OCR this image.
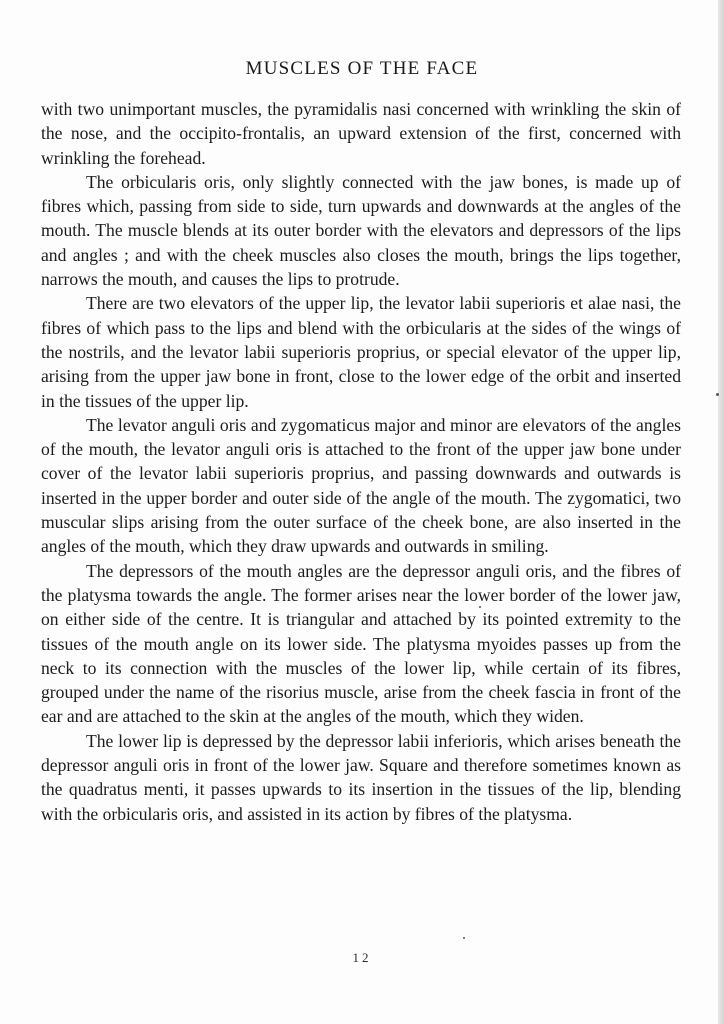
MUSCLES OF THE FACE

with two unimportant muscles, the pyramidalis nasi concerned with wrinkling the skin of the nose, and the occipito-frontalis, an upward extension of the first, concerned with wrinkling the forehead.

The orbicularis oris, only slightly connected with the jaw bones, is made up of fibres which, passing from side to side, turn upwards and downwards at the angles of the mouth. The muscle blends at its outer border with the elevators and depressors of the lips and angles ; and with the cheek muscles also closes the mouth, brings the lips together, narrows the mouth, and causes the lips to protrude.

There are two elevators of the upper lip, the levator labii superioris et alae nasi, the fibres of which pass to the lips and blend with the orbicularis at the sides of the wings of the nostrils, and the levator labii superioris proprius, or special elevator of the upper lip, arising from the upper jaw bone in front, close to the lower edge of the orbit and inserted in the tissues of the upper lip.

The levator anguli oris and zygomaticus major and minor are elevators of the angles of the mouth, the levator anguli oris is attached to the front of the upper jaw bone under cover of the levator labii superioris proprius, and passing downwards and outwards is inserted in the upper border and outer side of the angle of the mouth. The zygomatici, two muscular slips arising from the outer surface of the cheek bone, are also inserted in the angles of the mouth, which they draw upwards and outwards in smiling.

The depressors of the mouth angles are the depressor anguli oris, and the fibres of the platysma towards the angle. The former arises near the lower border of the lower jaw, on either side of the centre. It is triangular and attached by its pointed extremity to the tissues of the mouth angle on its lower side. The platysma myoides passes up from the neck to its connection with the muscles of the lower lip, while certain of its fibres, grouped under the name of the risorius muscle, arise from the cheek fascia in front of the ear and are attached to the skin at the angles of the mouth, which they widen.

The lower lip is depressed by the depressor labii inferioris, which arises beneath the depressor anguli oris in front of the lower jaw. Square and therefore sometimes known as the quadratus menti, it passes upwards to its insertion in the tissues of the lip, blending with the orbicularis oris, and assisted in its action by fibres of the platysma.

12
